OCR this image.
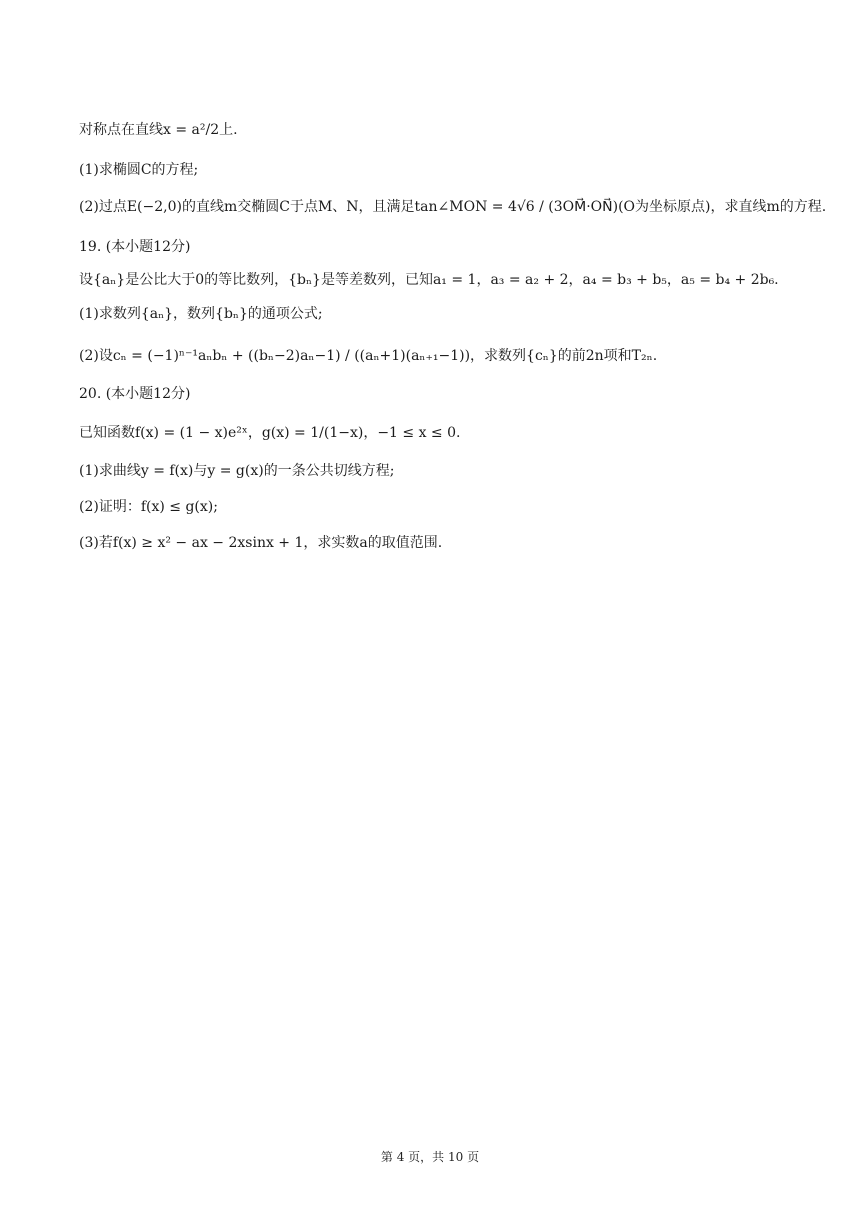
对称点在直线x = a²/2上.
(1)求椭圆C的方程;
(2)过点E(−2,0)的直线m交椭圆C于点M、N，且满足tan∠MON = 4√6 / (3OM⃗·ON⃗)(O为坐标原点)，求直线m的方程.
19. (本小题12分)
设{aₙ}是公比大于0的等比数列，{bₙ}是等差数列，已知a₁ = 1，a₃ = a₂ + 2，a₄ = b₃ + b₅，a₅ = b₄ + 2b₆.
(1)求数列{aₙ}，数列{bₙ}的通项公式;
(2)设cₙ = (−1)ⁿ⁻¹aₙbₙ + ((bₙ−2)aₙ−1) / ((aₙ+1)(aₙ₊₁−1))，求数列{cₙ}的前2n项和T₂ₙ.
20. (本小题12分)
已知函数f(x) = (1 − x)e²ˣ，g(x) = 1/(1−x)，−1 ≤ x ≤ 0.
(1)求曲线y = f(x)与y = g(x)的一条公共切线方程;
(2)证明：f(x) ≤ g(x);
(3)若f(x) ≥ x² − ax − 2xsinx + 1，求实数a的取值范围.
第 4 页，共 10 页
